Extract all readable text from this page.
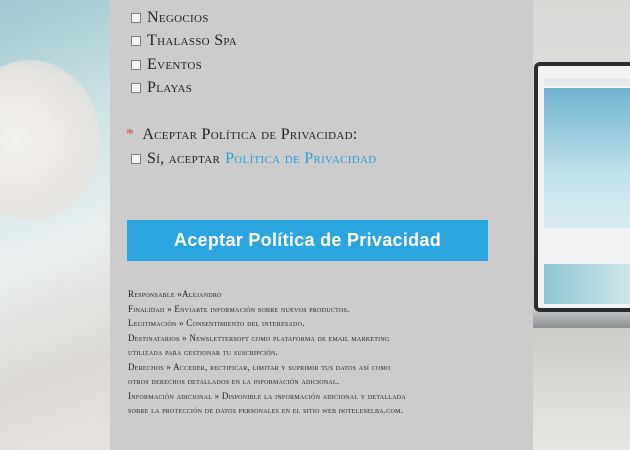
Negocios
Thalasso Spa
Eventos
Playas
* Aceptar Política de Privacidad:
Sí, aceptar Política de Privacidad
Aceptar Política de Privacidad
Responsable »Alejandro
Finalidad » Enviarte información sobre nuevos productos.
Legitimación » Consentimiento del interesado.
Destinatarios » Newslettersoft como plataforma de email marketing
utilizada para gestionar tu suscripción.
Derechos » Acceder, rectificar, limitar y suprimir tus datos así como
otros derechos detallados en la información adicional.
Información adicional » Disponible la información adicional y detallada
sobre la protección de datos personales en el sitio web hoteleselba.com.
